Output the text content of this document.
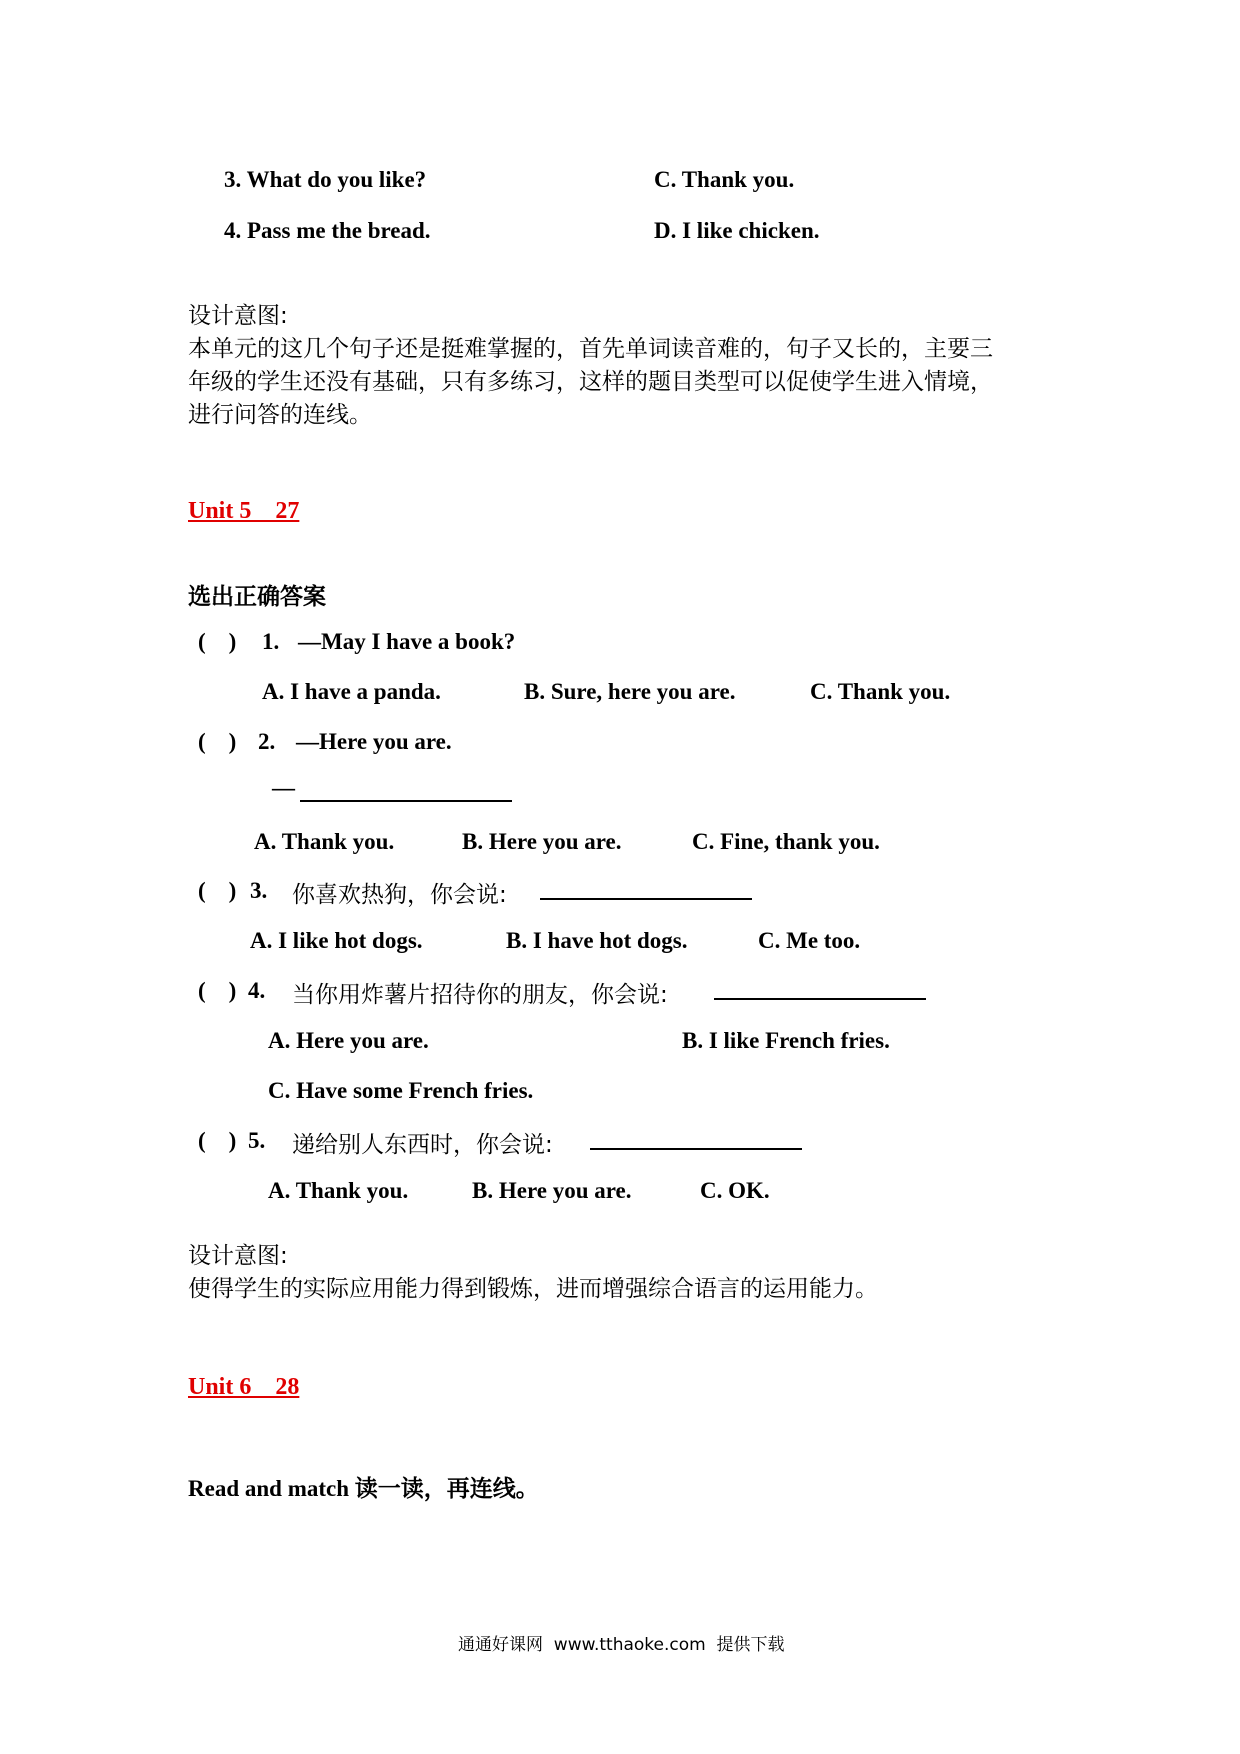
3. What do you like?	C. Thank you.
4. Pass me the bread.	D. I like chicken.
设计意图:
本单元的这几个句子还是挺难掌握的，首先单词读音难的，句子又长的，主要三
年级的学生还没有基础，只有多练习，这样的题目类型可以促使学生进入情境，
进行问答的连线。
Unit 5    27
选出正确答案
(    ) 1. —May I have a book?
A. I have a panda.	B. Sure, here you are.	C. Thank you.
(    ) 2. —Here you are.
—
A. Thank you.	B. Here you are.	C. Fine, thank you.
(    ) 3. 你喜欢热狗，你会说:
A. I like hot dogs.	B. I have hot dogs.	C. Me too.
(    ) 4. 当你用炸薯片招待你的朋友，你会说:
A. Here you are.	B. I like French fries.
C. Have some French fries.
(    ) 5. 递给别人东西时，你会说:
A. Thank you.	B. Here you are.	C. OK.
设计意图:
使得学生的实际应用能力得到锻炼，进而增强综合语言的运用能力。
Unit 6    28
Read and match 读一读，再连线。
通通好课网  www.tthaoke.com  提供下载
